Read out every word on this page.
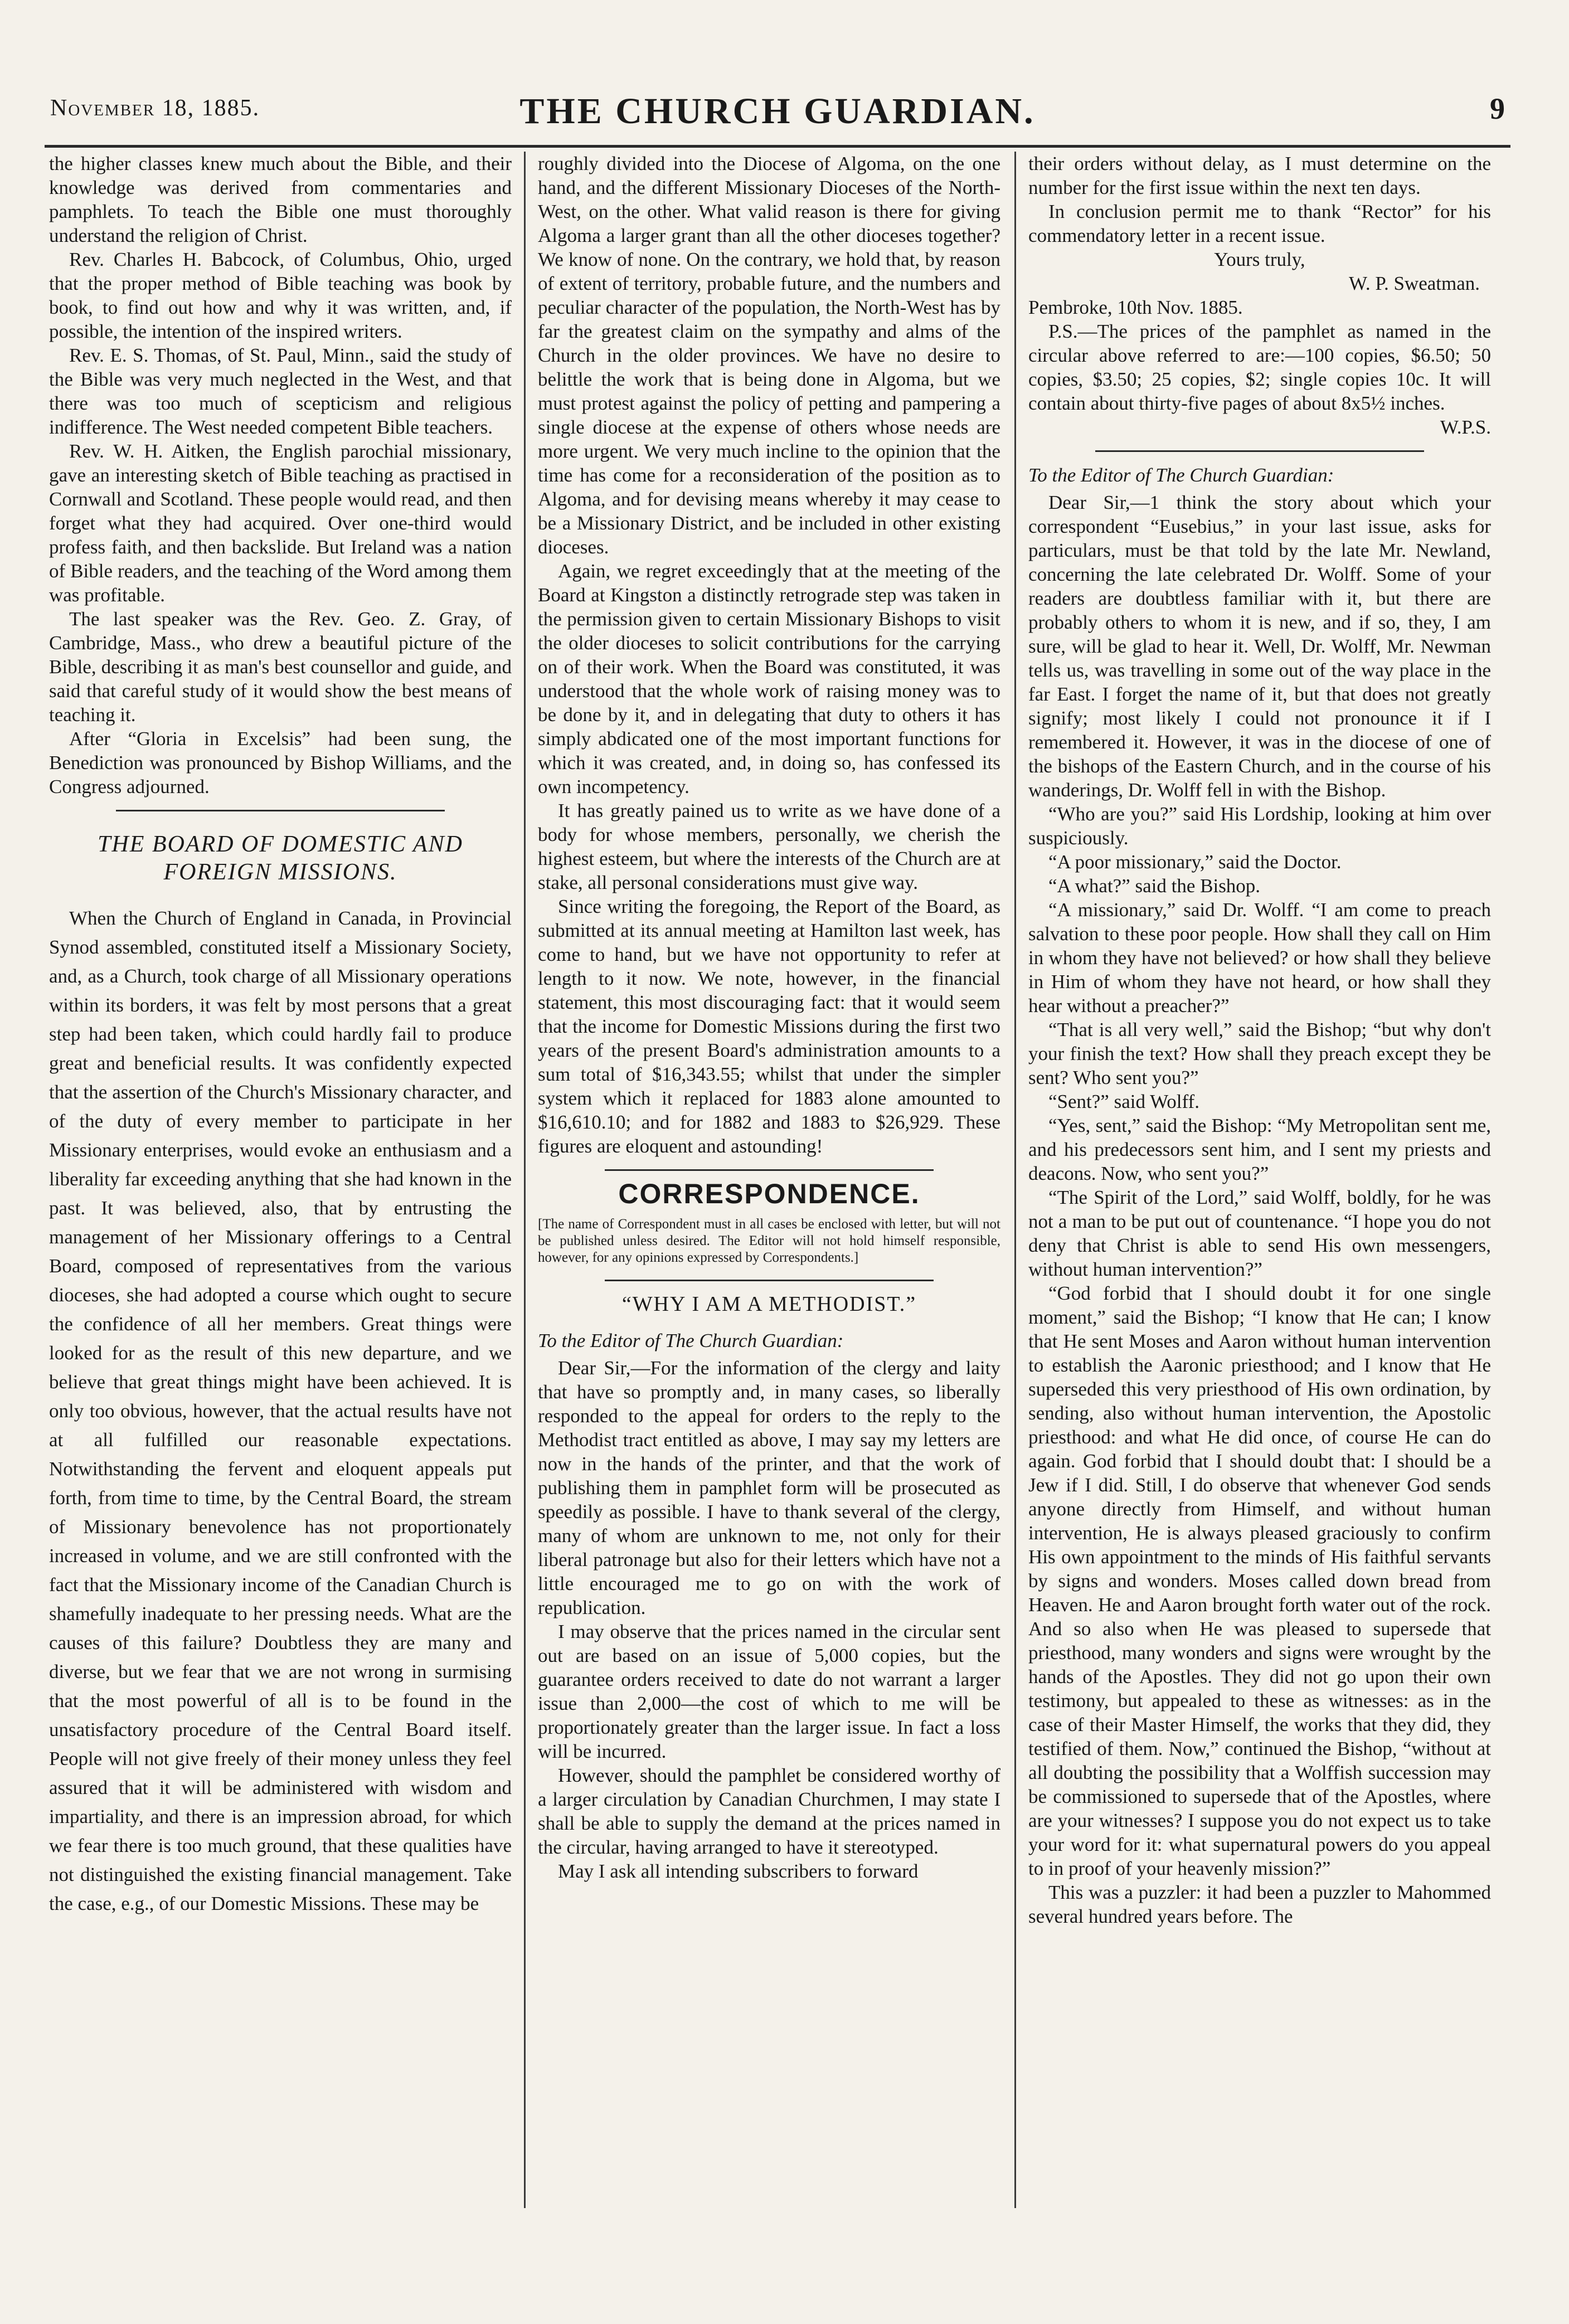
November 18, 1885.	THE CHURCH GUARDIAN.	9

the higher classes knew much about the Bible, and their knowledge was derived from commentaries and pamphlets. To teach the Bible one must thoroughly understand the religion of Christ.

Rev. Charles H. Babcock, of Columbus, Ohio, urged that the proper method of Bible teaching was book by book, to find out how and why it was written, and, if possible, the intention of the inspired writers.

Rev. E. S. Thomas, of St. Paul, Minn., said the study of the Bible was very much neglected in the West, and that there was too much of scepticism and religious indifference. The West needed competent Bible teachers.

Rev. W. H. Aitken, the English parochial missionary, gave an interesting sketch of Bible teaching as practised in Cornwall and Scotland. These people would read, and then forget what they had acquired. Over one-third would profess faith, and then backslide. But Ireland was a nation of Bible readers, and the teaching of the Word among them was profitable.

The last speaker was the Rev. Geo. Z. Gray, of Cambridge, Mass., who drew a beautiful picture of the Bible, describing it as man's best counsellor and guide, and said that careful study of it would show the best means of teaching it.

After “Gloria in Excelsis” had been sung, the Benediction was pronounced by Bishop Williams, and the Congress adjourned.

THE BOARD OF DOMESTIC AND FOREIGN MISSIONS.

When the Church of England in Canada, in Provincial Synod assembled, constituted itself a Missionary Society, and, as a Church, took charge of all Missionary operations within its borders, it was felt by most persons that a great step had been taken, which could hardly fail to produce great and beneficial results. It was confidently expected that the assertion of the Church's Missionary character, and of the duty of every member to participate in her Missionary enterprises, would evoke an enthusiasm and a liberality far exceeding anything that she had known in the past. It was believed, also, that by entrusting the management of her Missionary offerings to a Central Board, composed of representatives from the various dioceses, she had adopted a course which ought to secure the confidence of all her members. Great things were looked for as the result of this new departure, and we believe that great things might have been achieved. It is only too obvious, however, that the actual results have not at all fulfilled our reasonable expectations. Notwithstanding the fervent and eloquent appeals put forth, from time to time, by the Central Board, the stream of Missionary benevolence has not proportionately increased in volume, and we are still confronted with the fact that the Missionary income of the Canadian Church is shamefully inadequate to her pressing needs. What are the causes of this failure? Doubtless they are many and diverse, but we fear that we are not wrong in surmising that the most powerful of all is to be found in the unsatisfactory procedure of the Central Board itself. People will not give freely of their money unless they feel assured that it will be administered with wisdom and impartiality, and there is an impression abroad, for which we fear there is too much ground, that these qualities have not distinguished the existing financial management. Take the case, e.g., of our Domestic Missions. These may be

roughly divided into the Diocese of Algoma, on the one hand, and the different Missionary Dioceses of the North-West, on the other. What valid reason is there for giving Algoma a larger grant than all the other dioceses together? We know of none. On the contrary, we hold that, by reason of extent of territory, probable future, and the numbers and peculiar character of the population, the North-West has by far the greatest claim on the sympathy and alms of the Church in the older provinces. We have no desire to belittle the work that is being done in Algoma, but we must protest against the policy of petting and pampering a single diocese at the expense of others whose needs are more urgent. We very much incline to the opinion that the time has come for a reconsideration of the position as to Algoma, and for devising means whereby it may cease to be a Missionary District, and be included in other existing dioceses.

Again, we regret exceedingly that at the meeting of the Board at Kingston a distinctly retrograde step was taken in the permission given to certain Missionary Bishops to visit the older dioceses to solicit contributions for the carrying on of their work. When the Board was constituted, it was understood that the whole work of raising money was to be done by it, and in delegating that duty to others it has simply abdicated one of the most important functions for which it was created, and, in doing so, has confessed its own incompetency.

It has greatly pained us to write as we have done of a body for whose members, personally, we cherish the highest esteem, but where the interests of the Church are at stake, all personal considerations must give way.

Since writing the foregoing, the Report of the Board, as submitted at its annual meeting at Hamilton last week, has come to hand, but we have not opportunity to refer at length to it now. We note, however, in the financial statement, this most discouraging fact: that it would seem that the income for Domestic Missions during the first two years of the present Board's administration amounts to a sum total of $16,343.55; whilst that under the simpler system which it replaced for 1883 alone amounted to $16,610.10; and for 1882 and 1883 to $26,929. These figures are eloquent and astounding!

CORRESPONDENCE.

[The name of Correspondent must in all cases be enclosed with letter, but will not be published unless desired. The Editor will not hold himself responsible, however, for any opinions expressed by Correspondents.]

“WHY I AM A METHODIST.”

To the Editor of The Church Guardian:

Dear Sir,—For the information of the clergy and laity that have so promptly and, in many cases, so liberally responded to the appeal for orders to the reply to the Methodist tract entitled as above, I may say my letters are now in the hands of the printer, and that the work of publishing them in pamphlet form will be prosecuted as speedily as possible. I have to thank several of the clergy, many of whom are unknown to me, not only for their liberal patronage but also for their letters which have not a little encouraged me to go on with the work of republication.

I may observe that the prices named in the circular sent out are based on an issue of 5,000 copies, but the guarantee orders received to date do not warrant a larger issue than 2,000—the cost of which to me will be proportionately greater than the larger issue. In fact a loss will be incurred.

However, should the pamphlet be considered worthy of a larger circulation by Canadian Churchmen, I may state I shall be able to supply the demand at the prices named in the circular, having arranged to have it stereotyped.

May I ask all intending subscribers to forward

their orders without delay, as I must determine on the number for the first issue within the next ten days.

In conclusion permit me to thank “Rector” for his commendatory letter in a recent issue.

Yours truly,

W. P. Sweatman.

Pembroke, 10th Nov. 1885.

P.S.—The prices of the pamphlet as named in the circular above referred to are:—100 copies, $6.50; 50 copies, $3.50; 25 copies, $2; single copies 10c. It will contain about thirty-five pages of about 8x5½ inches.

W.P.S.

To the Editor of The Church Guardian:

Dear Sir,—1 think the story about which your correspondent “Eusebius,” in your last issue, asks for particulars, must be that told by the late Mr. Newland, concerning the late celebrated Dr. Wolff. Some of your readers are doubtless familiar with it, but there are probably others to whom it is new, and if so, they, I am sure, will be glad to hear it. Well, Dr. Wolff, Mr. Newman tells us, was travelling in some out of the way place in the far East. I forget the name of it, but that does not greatly signify; most likely I could not pronounce it if I remembered it. However, it was in the diocese of one of the bishops of the Eastern Church, and in the course of his wanderings, Dr. Wolff fell in with the Bishop.

“Who are you?” said His Lordship, looking at him over suspiciously.

“A poor missionary,” said the Doctor.

“A what?” said the Bishop.

“A missionary,” said Dr. Wolff. “I am come to preach salvation to these poor people. How shall they call on Him in whom they have not believed? or how shall they believe in Him of whom they have not heard, or how shall they hear without a preacher?”

“That is all very well,” said the Bishop; “but why don't your finish the text? How shall they preach except they be sent? Who sent you?”

“Sent?” said Wolff.

“Yes, sent,” said the Bishop: “My Metropolitan sent me, and his predecessors sent him, and I sent my priests and deacons. Now, who sent you?”

“The Spirit of the Lord,” said Wolff, boldly, for he was not a man to be put out of countenance. “I hope you do not deny that Christ is able to send His own messengers, without human intervention?”

“God forbid that I should doubt it for one single moment,” said the Bishop; “I know that He can; I know that He sent Moses and Aaron without human intervention to establish the Aaronic priesthood; and I know that He superseded this very priesthood of His own ordination, by sending, also without human intervention, the Apostolic priesthood: and what He did once, of course He can do again. God forbid that I should doubt that: I should be a Jew if I did. Still, I do observe that whenever God sends anyone directly from Himself, and without human intervention, He is always pleased graciously to confirm His own appointment to the minds of His faithful servants by signs and wonders. Moses called down bread from Heaven. He and Aaron brought forth water out of the rock. And so also when He was pleased to supersede that priesthood, many wonders and signs were wrought by the hands of the Apostles. They did not go upon their own testimony, but appealed to these as witnesses: as in the case of their Master Himself, the works that they did, they testified of them. Now,” continued the Bishop, “without at all doubting the possibility that a Wolffish succession may be commissioned to supersede that of the Apostles, where are your witnesses? I suppose you do not expect us to take your word for it: what supernatural powers do you appeal to in proof of your heavenly mission?”

This was a puzzler: it had been a puzzler to Mahommed several hundred years before. The
